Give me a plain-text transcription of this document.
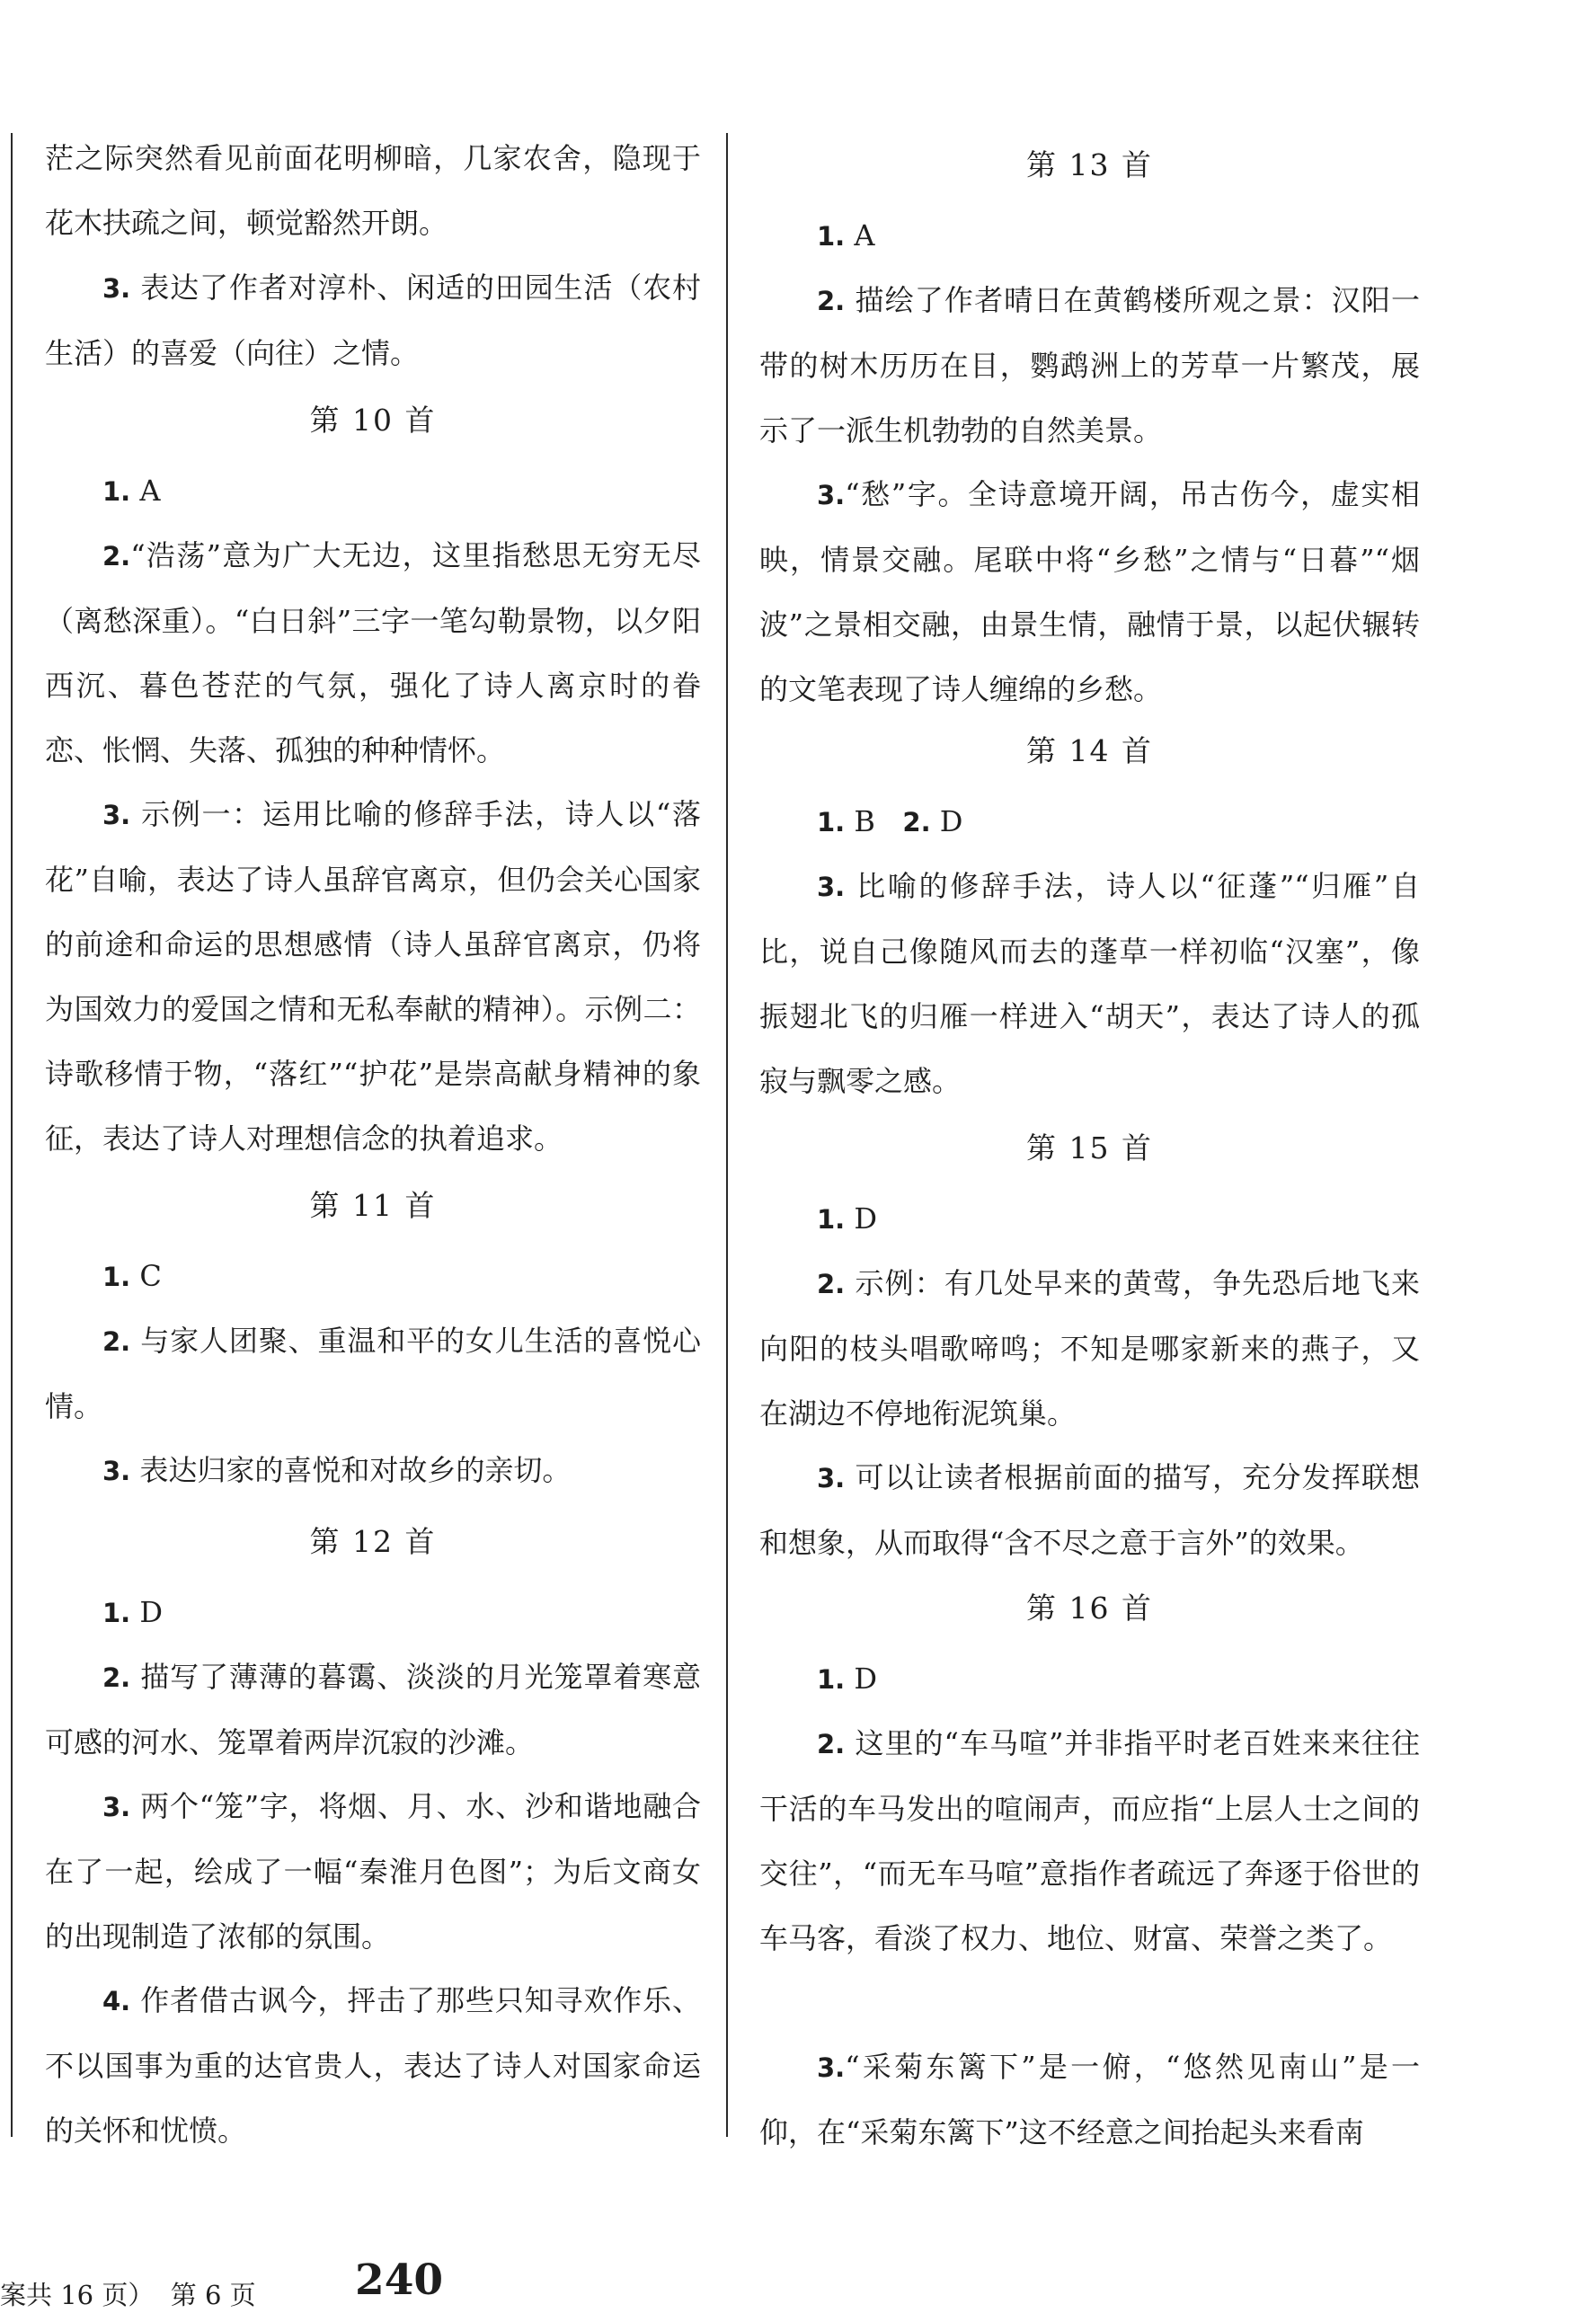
茫之际突然看见前面花明柳暗，几家农舍，隐现于花木扶疏之间，顿觉豁然开朗。

3. 表达了作者对淳朴、闲适的田园生活（农村生活）的喜爱（向往）之情。

第 10 首

1. A

2.“浩荡”意为广大无边，这里指愁思无穷无尽（离愁深重）。“白日斜”三字一笔勾勒景物，以夕阳西沉、暮色苍茫的气氛，强化了诗人离京时的眷恋、怅惘、失落、孤独的种种情怀。

3. 示例一：运用比喻的修辞手法，诗人以“落花”自喻，表达了诗人虽辞官离京，但仍会关心国家的前途和命运的思想感情（诗人虽辞官离京，仍将为国效力的爱国之情和无私奉献的精神）。示例二：诗歌移情于物，“落红”“护花”是崇高献身精神的象征，表达了诗人对理想信念的执着追求。

第 11 首

1. C

2. 与家人团聚、重温和平的女儿生活的喜悦心情。

3. 表达归家的喜悦和对故乡的亲切。

第 12 首

1. D

2. 描写了薄薄的暮霭、淡淡的月光笼罩着寒意可感的河水、笼罩着两岸沉寂的沙滩。

3. 两个“笼”字，将烟、月、水、沙和谐地融合在了一起，绘成了一幅“秦淮月色图”；为后文商女的出现制造了浓郁的氛围。

4. 作者借古讽今，抨击了那些只知寻欢作乐、不以国事为重的达官贵人，表达了诗人对国家命运的关怀和忧愤。

第 13 首

1. A

2. 描绘了作者晴日在黄鹤楼所观之景：汉阳一带的树木历历在目，鹦鹉洲上的芳草一片繁茂，展示了一派生机勃勃的自然美景。

3.“愁”字。全诗意境开阔，吊古伤今，虚实相映，情景交融。尾联中将“乡愁”之情与“日暮”“烟波”之景相交融，由景生情，融情于景，以起伏辗转的文笔表现了诗人缠绵的乡愁。

第 14 首

1. B 2. D

3. 比喻的修辞手法，诗人以“征蓬”“归雁”自比，说自己像随风而去的蓬草一样初临“汉塞”，像振翅北飞的归雁一样进入“胡天”，表达了诗人的孤寂与飘零之感。

第 15 首

1. D

2. 示例：有几处早来的黄莺，争先恐后地飞来向阳的枝头唱歌啼鸣；不知是哪家新来的燕子，又在湖边不停地衔泥筑巢。

3. 可以让读者根据前面的描写，充分发挥联想和想象，从而取得“含不尽之意于言外”的效果。

第 16 首

1. D

2. 这里的“车马喧”并非指平时老百姓来来往往干活的车马发出的喧闹声，而应指“上层人士之间的交往”，“而无车马喧”意指作者疏远了奔逐于俗世的车马客，看淡了权力、地位、财富、荣誉之类了。

3.“采菊东篱下”是一俯，“悠然见南山”是一仰，在“采菊东篱下”这不经意之间抬起头来看南

案共 16 页）  第 6 页 240
